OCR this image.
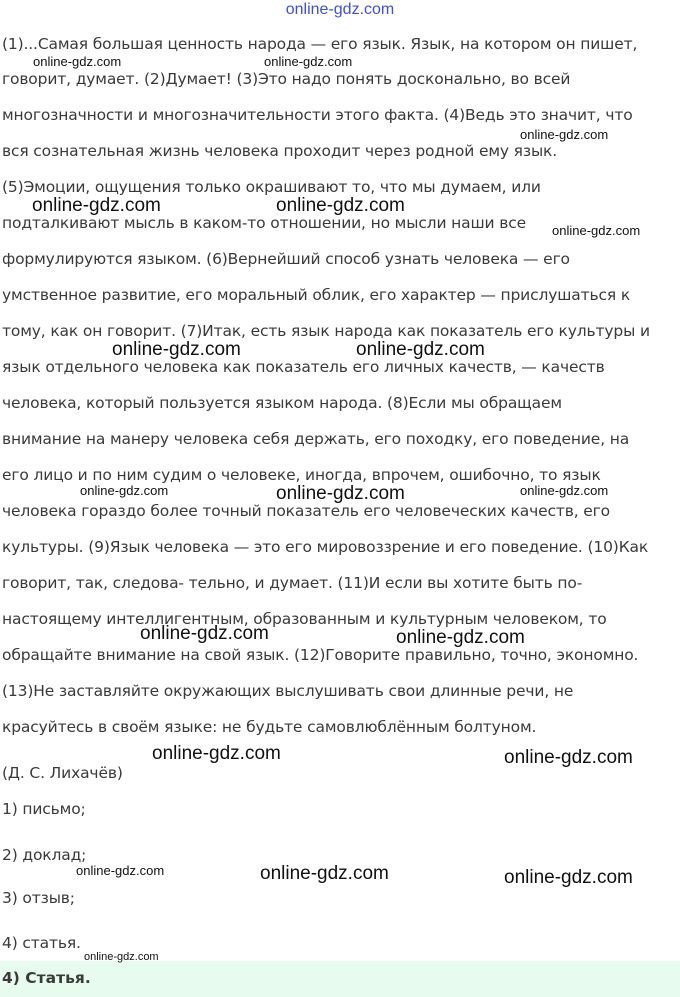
online-gdz.com
(1)...Самая большая ценность народа — его язык. Язык, на котором он пишет,
говорит, думает. (2)Думает! (3)Это надо понять досконально, во всей
многозначности и многозначительности этого факта. (4)Ведь это значит, что
вся сознательная жизнь человека проходит через родной ему язык.
(5)Эмоции, ощущения только окрашивают то, что мы думаем, или
подталкивают мысль в каком-то отношении, но мысли наши все
формулируются языком. (6)Вернейший способ узнать человека — его
умственное развитие, его моральный облик, его характер — прислушаться к
тому, как он говорит. (7)Итак, есть язык народа как показатель его культуры и
язык отдельного человека как показатель его личных качеств, — качеств
человека, который пользуется языком народа. (8)Если мы обращаем
внимание на манеру человека себя держать, его походку, его поведение, на
его лицо и по ним судим о человеке, иногда, впрочем, ошибочно, то язык
человека гораздо более точный показатель его человеческих качеств, его
культуры. (9)Язык человека — это его мировоззрение и его поведение. (10)Как
говорит, так, следова- тельно, и думает. (11)И если вы хотите быть по-
настоящему интеллигентным, образованным и культурным человеком, то
обращайте внимание на свой язык. (12)Говорите правильно, точно, экономно.
(13)Не заставляйте окружающих выслушивать свои длинные речи, не
красуйтесь в своём языке: не будьте самовлюблённым болтуном.
(Д. С. Лихачёв)
1) письмо;
2) доклад;
3) отзыв;
4) статья.
4) Статья.
online-gdz.com	online-gdz.com
online-gdz.com
online-gdz.com	online-gdz.com
online-gdz.com
online-gdz.com	online-gdz.com
online-gdz.com	online-gdz.com	online-gdz.com
online-gdz.com	online-gdz.com
online-gdz.com	online-gdz.com
online-gdz.com	online-gdz.com	online-gdz.com
online-gdz.com
